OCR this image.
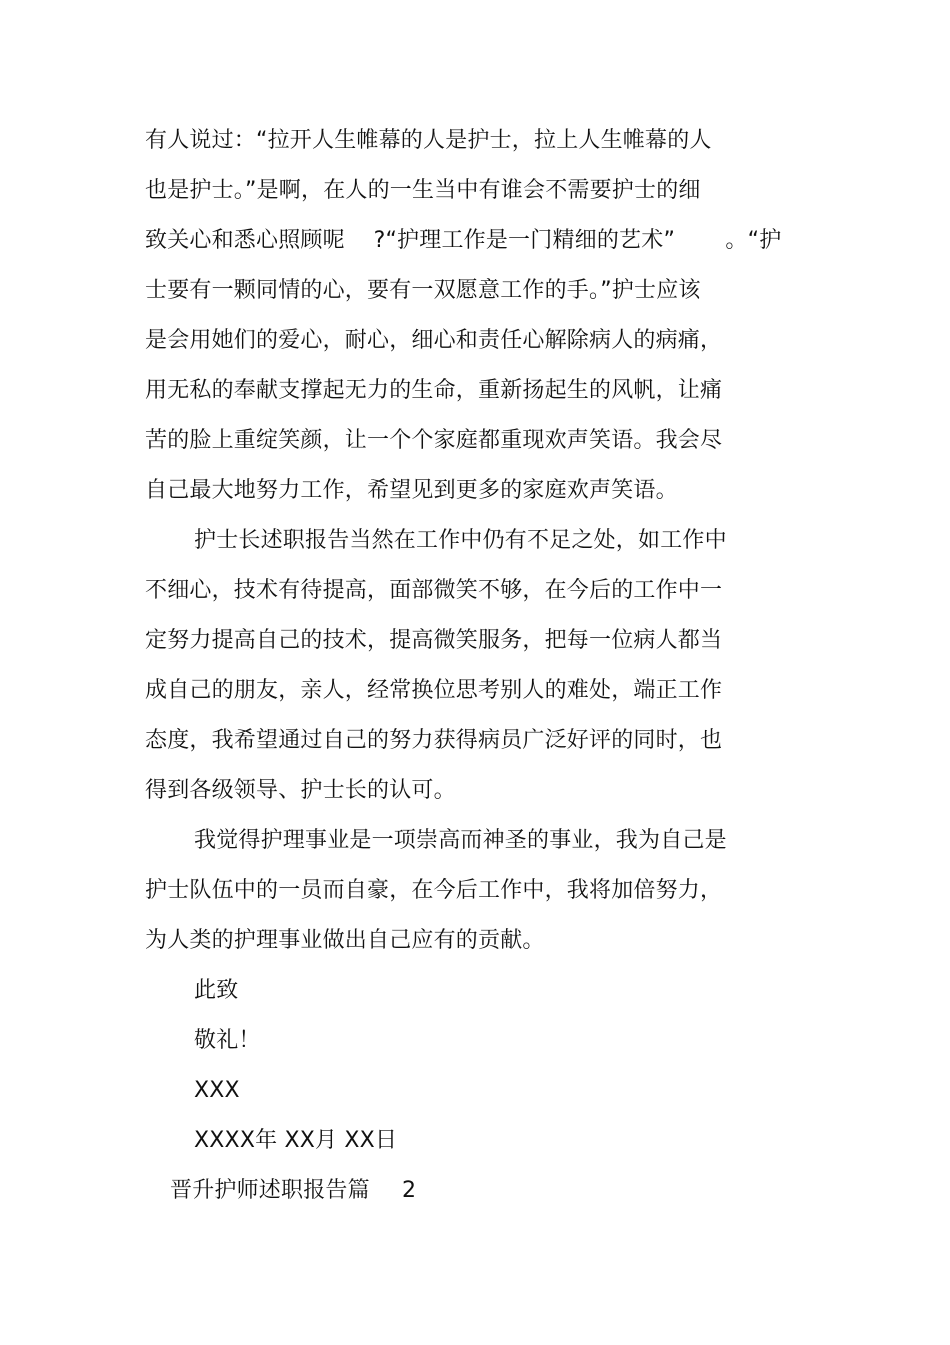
有人说过：“拉开人生帷幕的人是护士，拉上人生帷幕的人
也是护士。”是啊，在人的一生当中有谁会不需要护士的细
致关心和悉心照顾呢    ?“护理工作是一门精细的艺术”       。“护
士要有一颗同情的心，要有一双愿意工作的手。”护士应该
是会用她们的爱心，耐心，细心和责任心解除病人的病痛，
用无私的奉献支撑起无力的生命，重新扬起生的风帆，让痛
苦的脸上重绽笑颜，让一个个家庭都重现欢声笑语。我会尽
自己最大地努力工作，希望见到更多的家庭欢声笑语。
护士长述职报告当然在工作中仍有不足之处，如工作中
不细心，技术有待提高，面部微笑不够，在今后的工作中一
定努力提高自己的技术，提高微笑服务，把每一位病人都当
成自己的朋友，亲人，经常换位思考别人的难处，端正工作
态度，我希望通过自己的努力获得病员广泛好评的同时，也
得到各级领导、护士长的认可。
我觉得护理事业是一项崇高而神圣的事业，我为自己是
护士队伍中的一员而自豪，在今后工作中，我将加倍努力，
为人类的护理事业做出自己应有的贡献。
此致
敬礼！
XXX
XXXX年 XX月 XX日
晋升护师述职报告篇 2
